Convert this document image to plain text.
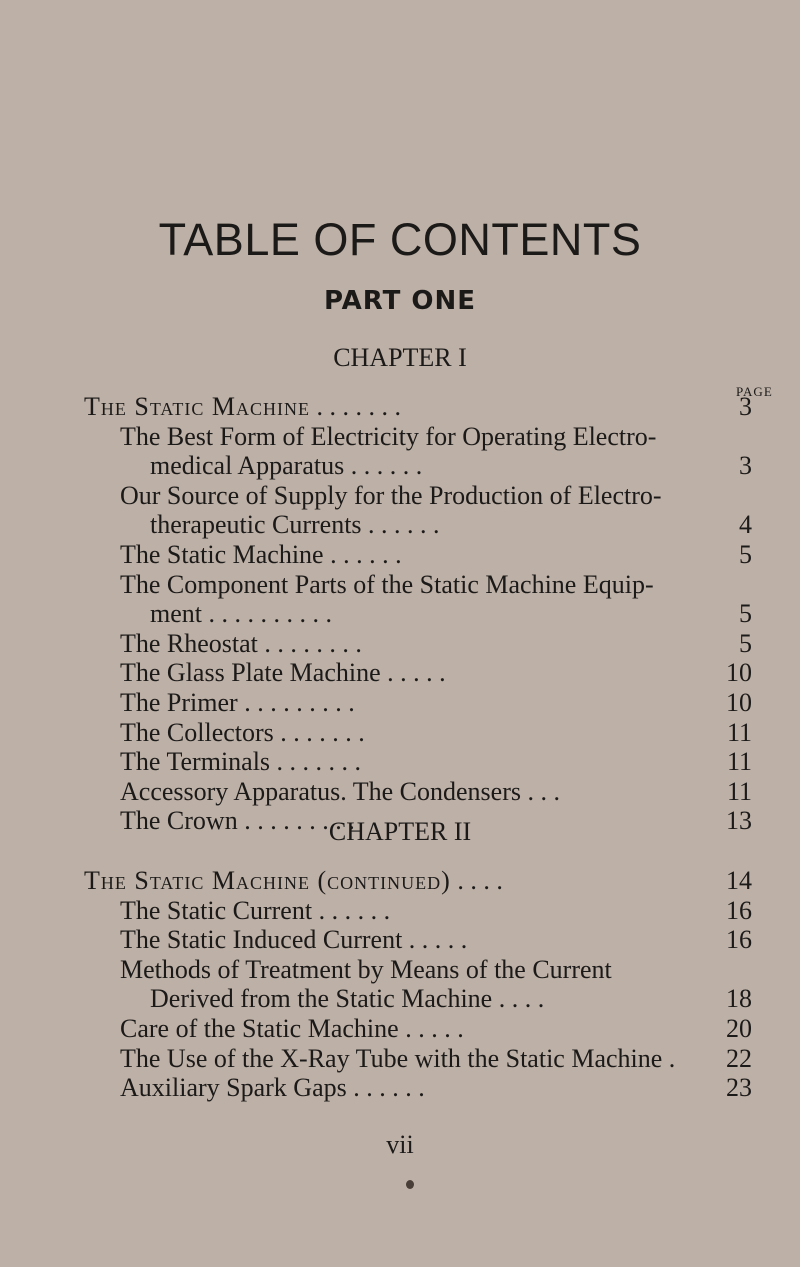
TABLE OF CONTENTS
PART ONE
CHAPTER I
PAGE
The Static Machine . . . . . . .	3
The Best Form of Electricity for Operating Electro-
medical Apparatus . . . . . .	3
Our Source of Supply for the Production of Electro-
therapeutic Currents . . . . . .	4
The Static Machine . . . . . .	5
The Component Parts of the Static Machine Equip-
ment . . . . . . . . . .	5
The Rheostat . . . . . . . .	5
The Glass Plate Machine . . . . .	10
The Primer . . . . . . . . .	10
The Collectors . . . . . . .	11
The Terminals . . . . . . .	11
Accessory Apparatus. The Condensers . . .	11
The Crown . . . . . . . . .	13
CHAPTER II
The Static Machine (continued) . . . .	14
The Static Current . . . . . .	16
The Static Induced Current . . . . .	16
Methods of Treatment by Means of the Current
Derived from the Static Machine . . . .	18
Care of the Static Machine . . . . .	20
The Use of the X-Ray Tube with the Static Machine . 22
Auxiliary Spark Gaps . . . . . .	23
vii
